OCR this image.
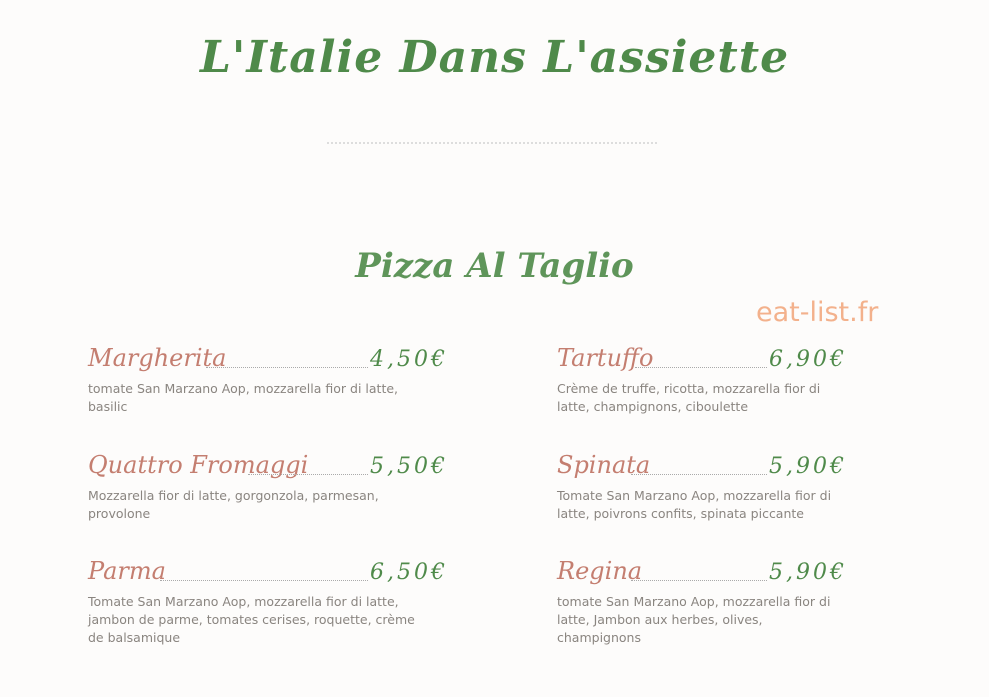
L'Italie Dans L'assiette
Pizza Al Taglio
eat-list.fr
Margherita	4,50€
tomate San Marzano Aop, mozzarella fior di latte, basilic
Quattro Fromaggi	5,50€
Mozzarella fior di latte, gorgonzola, parmesan, provolone
Parma	6,50€
Tomate San Marzano Aop, mozzarella fior di latte, jambon de parme, tomates cerises, roquette, crème de balsamique
Tartuffo	6,90€
Crème de truffe, ricotta, mozzarella fior di latte, champignons, ciboulette
Spinata	5,90€
Tomate San Marzano Aop, mozzarella fior di latte, poivrons confits, spinata piccante
Regina	5,90€
tomate San Marzano Aop, mozzarella fior di latte, Jambon aux herbes, olives, champignons
